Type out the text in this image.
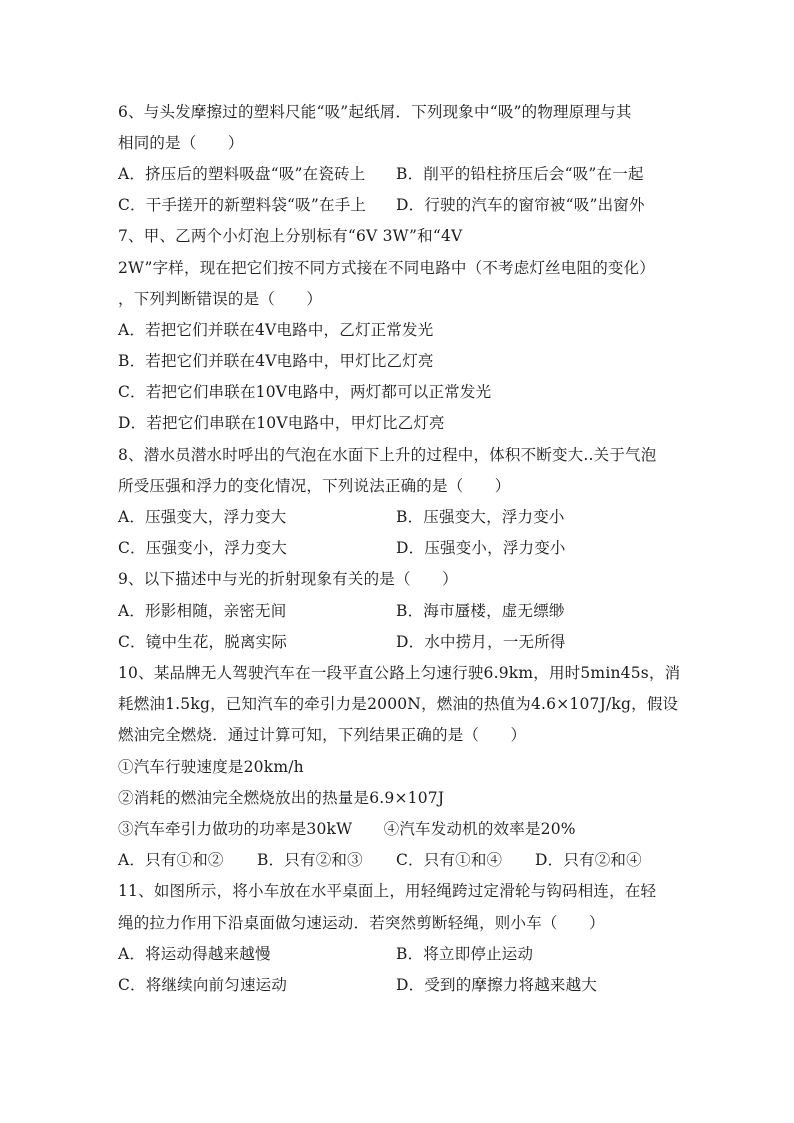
6、与头发摩擦过的塑料尺能“吸”起纸屑．下列现象中“吸”的物理原理与其
相同的是（　　）
A．挤压后的塑料吸盘“吸”在瓷砖上 B．削平的铅柱挤压后会“吸”在一起
C．干手搓开的新塑料袋“吸”在手上 D．行驶的汽车的窗帘被“吸”出窗外
7、甲、乙两个小灯泡上分别标有“6V 3W”和“4V
2W”字样，现在把它们按不同方式接在不同电路中（不考虑灯丝电阻的变化）
，下列判断错误的是（　　）
A．若把它们并联在4V电路中，乙灯正常发光
B．若把它们并联在4V电路中，甲灯比乙灯亮
C．若把它们串联在10V电路中，两灯都可以正常发光
D．若把它们串联在10V电路中，甲灯比乙灯亮
8、潜水员潜水时呼出的气泡在水面下上升的过程中，体积不断变大..关于气泡
所受压强和浮力的变化情况，下列说法正确的是（　　）
A．压强变大，浮力变大	B．压强变大，浮力变小
C．压强变小，浮力变大	D．压强变小，浮力变小
9、以下描述中与光的折射现象有关的是（　　）
A．形影相随，亲密无间	B．海市蜃楼，虚无缥缈
C．镜中生花，脱离实际	D．水中捞月，一无所得
10、某品牌无人驾驶汽车在一段平直公路上匀速行驶6.9km，用时5min45s，消
耗燃油1.5kg，已知汽车的牵引力是2000N，燃油的热值为4.6×107J/kg，假设
燃油完全燃烧．通过计算可知，下列结果正确的是（　　）
①汽车行驶速度是20km/h
②消耗的燃油完全燃烧放出的热量是6.9×107J
③汽车牵引力做功的功率是30kW　　④汽车发动机的效率是20%
A．只有①和② B．只有②和③ C．只有①和④ D．只有②和④
11、如图所示，将小车放在水平桌面上，用轻绳跨过定滑轮与钩码相连，在轻
绳的拉力作用下沿桌面做匀速运动．若突然剪断轻绳，则小车（　　）
A．将运动得越来越慢	B．将立即停止运动
C．将继续向前匀速运动	D．受到的摩擦力将越来越大
